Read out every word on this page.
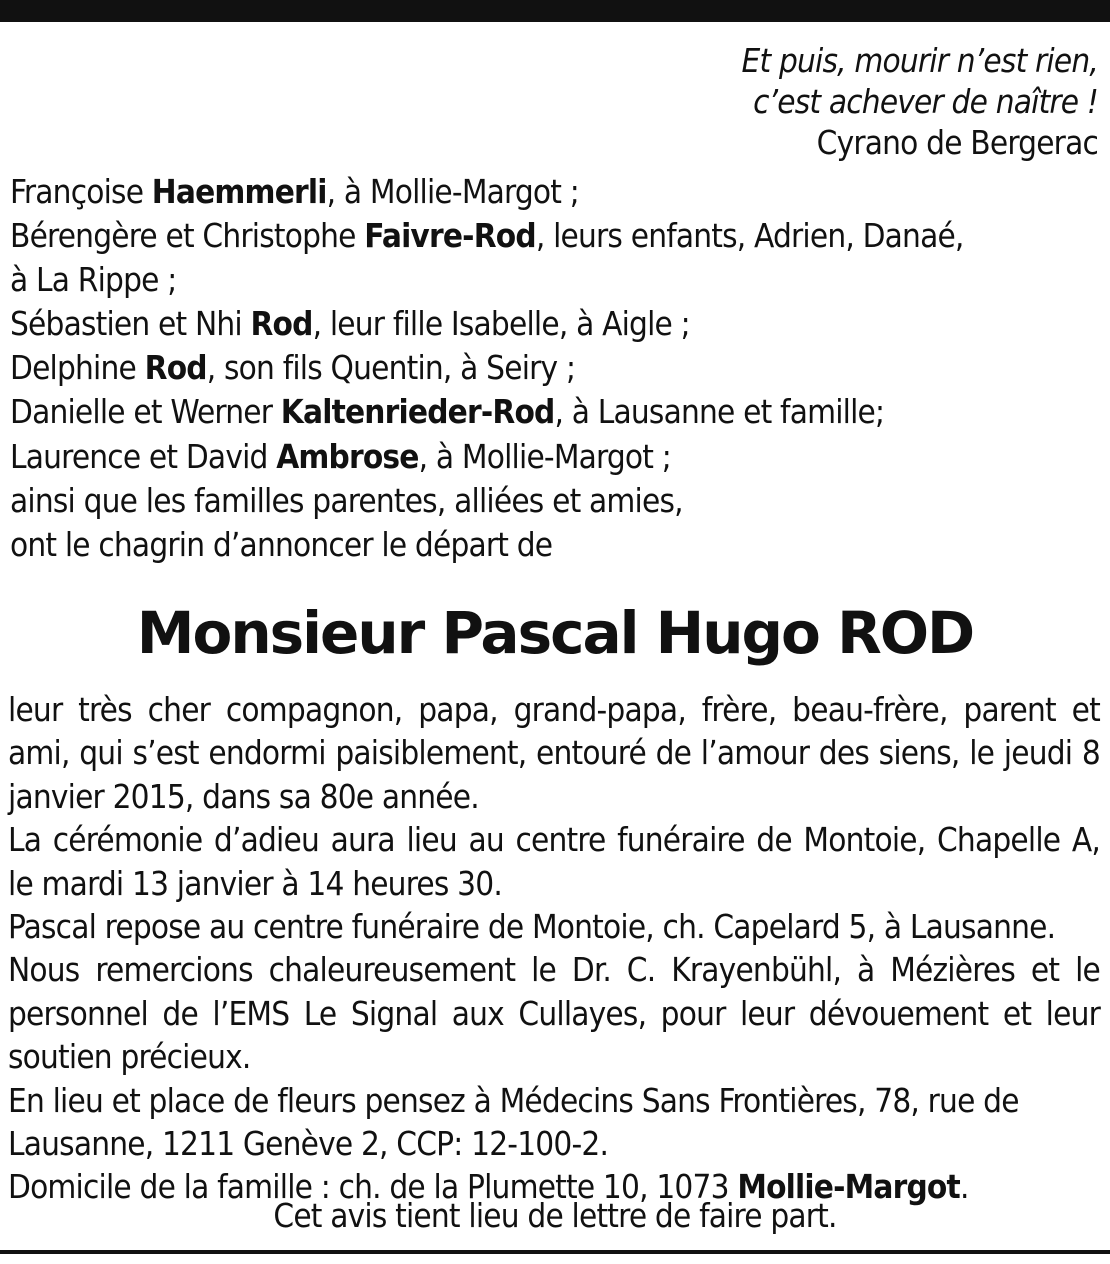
Et puis, mourir n’est rien,
c’est achever de naître !
Cyrano de Bergerac
Françoise Haemmerli, à Mollie-Margot ;
Bérengère et Christophe Faivre-Rod, leurs enfants, Adrien, Danaé,
à La Rippe ;
Sébastien et Nhi Rod, leur fille Isabelle, à Aigle ;
Delphine Rod, son fils Quentin, à Seiry ;
Danielle et Werner Kaltenrieder-Rod, à Lausanne et famille;
Laurence et David Ambrose, à Mollie-Margot ;
ainsi que les familles parentes, alliées et amies,
ont le chagrin d’annoncer le départ de
Monsieur Pascal Hugo ROD
leur très cher compagnon, papa, grand-papa, frère, beau-frère, parent et ami, qui s’est endormi paisiblement, entouré de l’amour des siens, le jeudi 8 janvier 2015, dans sa 80e année.
La cérémonie d’adieu aura lieu au centre funéraire de Montoie, Chapelle A, le mardi 13 janvier à 14 heures 30.
Pascal repose au centre funéraire de Montoie, ch. Capelard 5, à Lausanne.
Nous remercions chaleureusement le Dr. C. Krayenbühl, à Mézières et le personnel de l’EMS Le Signal aux Cullayes, pour leur dévouement et leur soutien précieux.
En lieu et place de fleurs pensez à Médecins Sans Frontières, 78, rue de
Lausanne, 1211 Genève 2, CCP: 12-100-2.
Domicile de la famille : ch. de la Plumette 10, 1073 Mollie-Margot.
Cet avis tient lieu de lettre de faire part.
